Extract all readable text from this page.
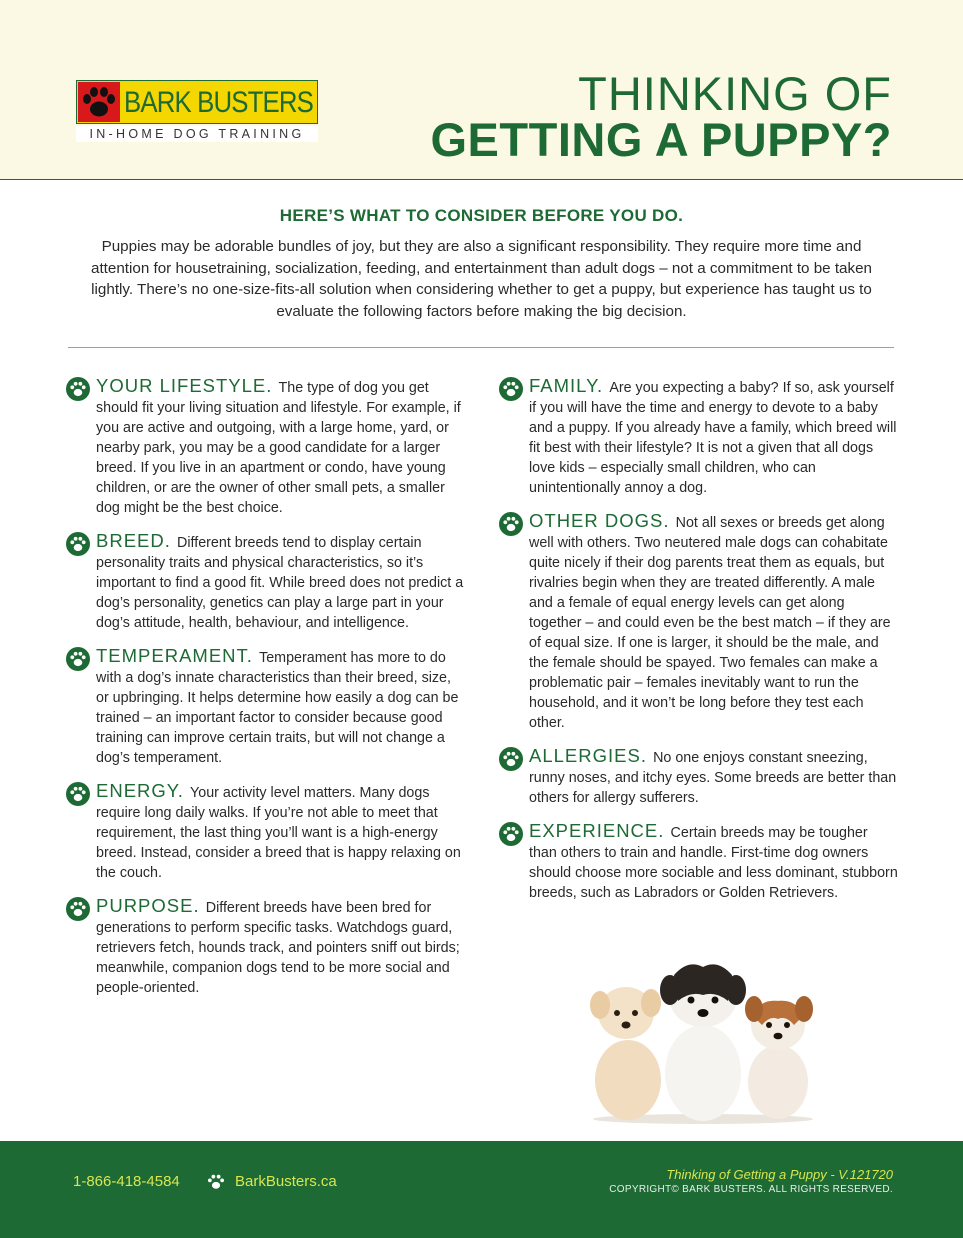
BARK BUSTERS
IN-HOME DOG TRAINING
THINKING OF
GETTING A PUPPY?
HERE’S WHAT TO CONSIDER BEFORE YOU DO.
Puppies may be adorable bundles of joy, but they are also a significant responsibility. They require more time and attention for housetraining, socialization, feeding, and entertainment than adult dogs – not a commitment to be taken lightly. There’s no one-size-fits-all solution when considering whether to get a puppy, but experience has taught us to evaluate the following factors before making the big decision.
YOUR LIFESTYLE. The type of dog you get should fit your living situation and lifestyle. For example, if you are active and outgoing, with a large home, yard, or nearby park, you may be a good candidate for a larger breed. If you live in an apartment or condo, have young children, or are the owner of other small pets, a smaller dog might be the best choice.
BREED. Different breeds tend to display certain personality traits and physical characteristics, so it’s important to find a good fit. While breed does not predict a dog’s personality, genetics can play a large part in your dog’s attitude, health, behaviour, and intelligence.
TEMPERAMENT. Temperament has more to do with a dog’s innate characteristics than their breed, size, or upbringing. It helps determine how easily a dog can be trained – an important factor to consider because good training can improve certain traits, but will not change a dog’s temperament.
ENERGY. Your activity level matters. Many dogs require long daily walks. If you’re not able to meet that requirement, the last thing you’ll want is a high-energy breed. Instead, consider a breed that is happy relaxing on the couch.
PURPOSE. Different breeds have been bred for generations to perform specific tasks. Watchdogs guard, retrievers fetch, hounds track, and pointers sniff out birds; meanwhile, companion dogs tend to be more social and people-oriented.
FAMILY. Are you expecting a baby? If so, ask yourself if you will have the time and energy to devote to a baby and a puppy. If you already have a family, which breed will fit best with their lifestyle? It is not a given that all dogs love kids – especially small children, who can unintentionally annoy a dog.
OTHER DOGS. Not all sexes or breeds get along well with others. Two neutered male dogs can cohabitate quite nicely if their dog parents treat them as equals, but rivalries begin when they are treated differently. A male and a female of equal energy levels can get along together – and could even be the best match – if they are of equal size. If one is larger, it should be the male, and the female should be spayed. Two females can make a problematic pair – females inevitably want to run the household, and it won’t be long before they test each other.
ALLERGIES. No one enjoys constant sneezing, runny noses, and itchy eyes. Some breeds are better than others for allergy sufferers.
EXPERIENCE. Certain breeds may be tougher than others to train and handle. First-time dog owners should choose more sociable and less dominant, stubborn breeds, such as Labradors or Golden Retrievers.
1-866-418-4584	BarkBusters.ca	Thinking of Getting a Puppy - V.121720
COPYRIGHT© BARK BUSTERS. ALL RIGHTS RESERVED.
